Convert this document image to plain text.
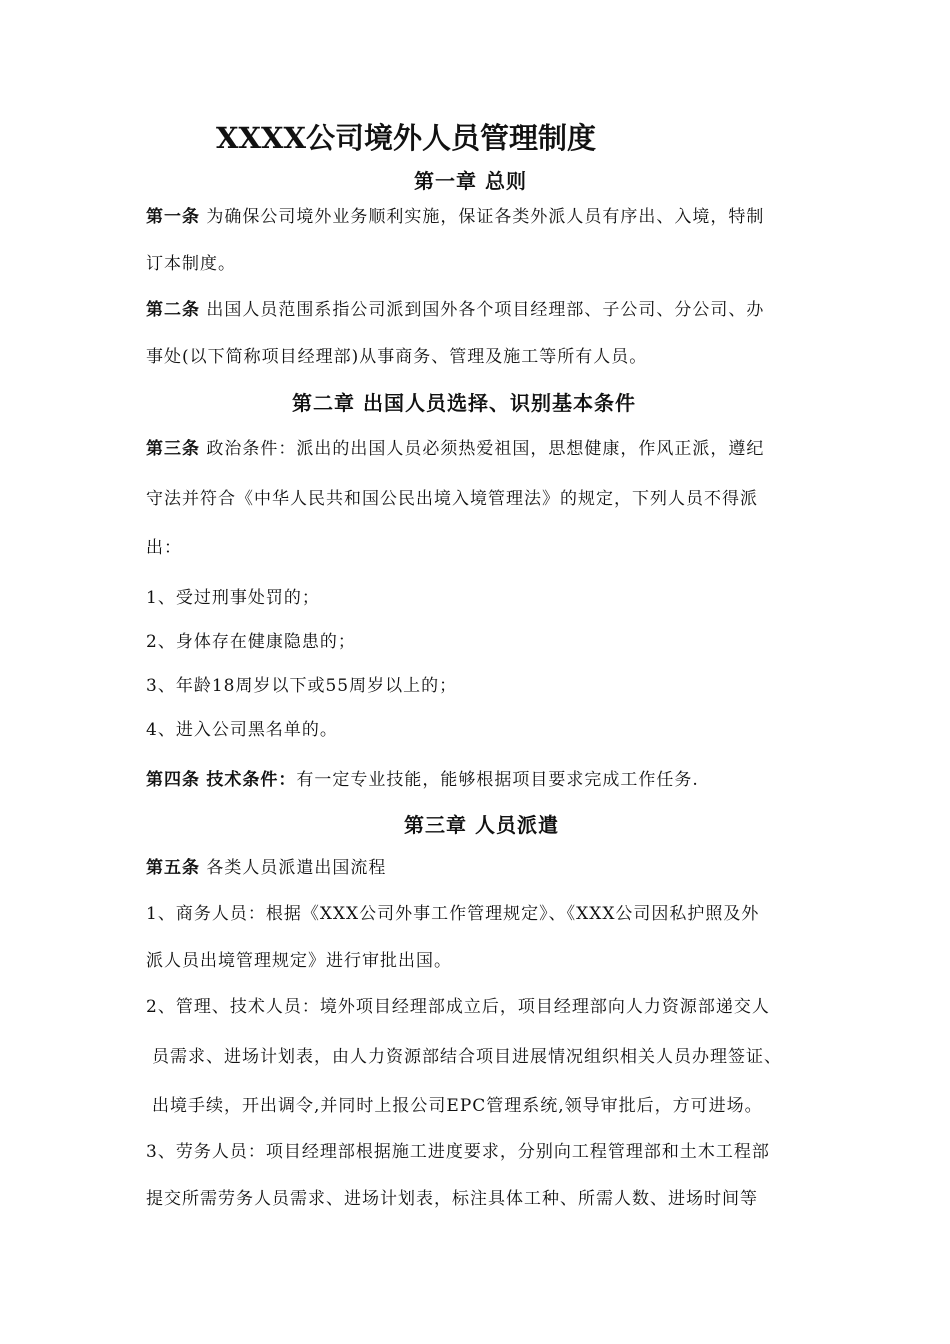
XXXX公司境外人员管理制度
第一章 总则
第一条 为确保公司境外业务顺利实施，保证各类外派人员有序出、入境，特制
订本制度。
第二条 出国人员范围系指公司派到国外各个项目经理部、子公司、分公司、办
事处(以下简称项目经理部)从事商务、管理及施工等所有人员。
第二章 出国人员选择、识别基本条件
第三条 政治条件：派出的出国人员必须热爱祖国，思想健康，作风正派，遵纪
守法并符合《中华人民共和国公民出境入境管理法》的规定，下列人员不得派
出：
1、受过刑事处罚的；
2、身体存在健康隐患的；
3、年龄18周岁以下或55周岁以上的；
4、进入公司黑名单的。
第四条 技术条件：有一定专业技能，能够根据项目要求完成工作任务.
第三章 人员派遣
第五条 各类人员派遣出国流程
1、商务人员：根据《XXX公司外事工作管理规定》、《XXX公司因私护照及外
派人员出境管理规定》进行审批出国。
2、管理、技术人员：境外项目经理部成立后，项目经理部向人力资源部递交人
员需求、进场计划表，由人力资源部结合项目进展情况组织相关人员办理签证、
出境手续，开出调令,并同时上报公司EPC管理系统,领导审批后，方可进场。
3、劳务人员：项目经理部根据施工进度要求，分别向工程管理部和土木工程部
提交所需劳务人员需求、进场计划表，标注具体工种、所需人数、进场时间等
